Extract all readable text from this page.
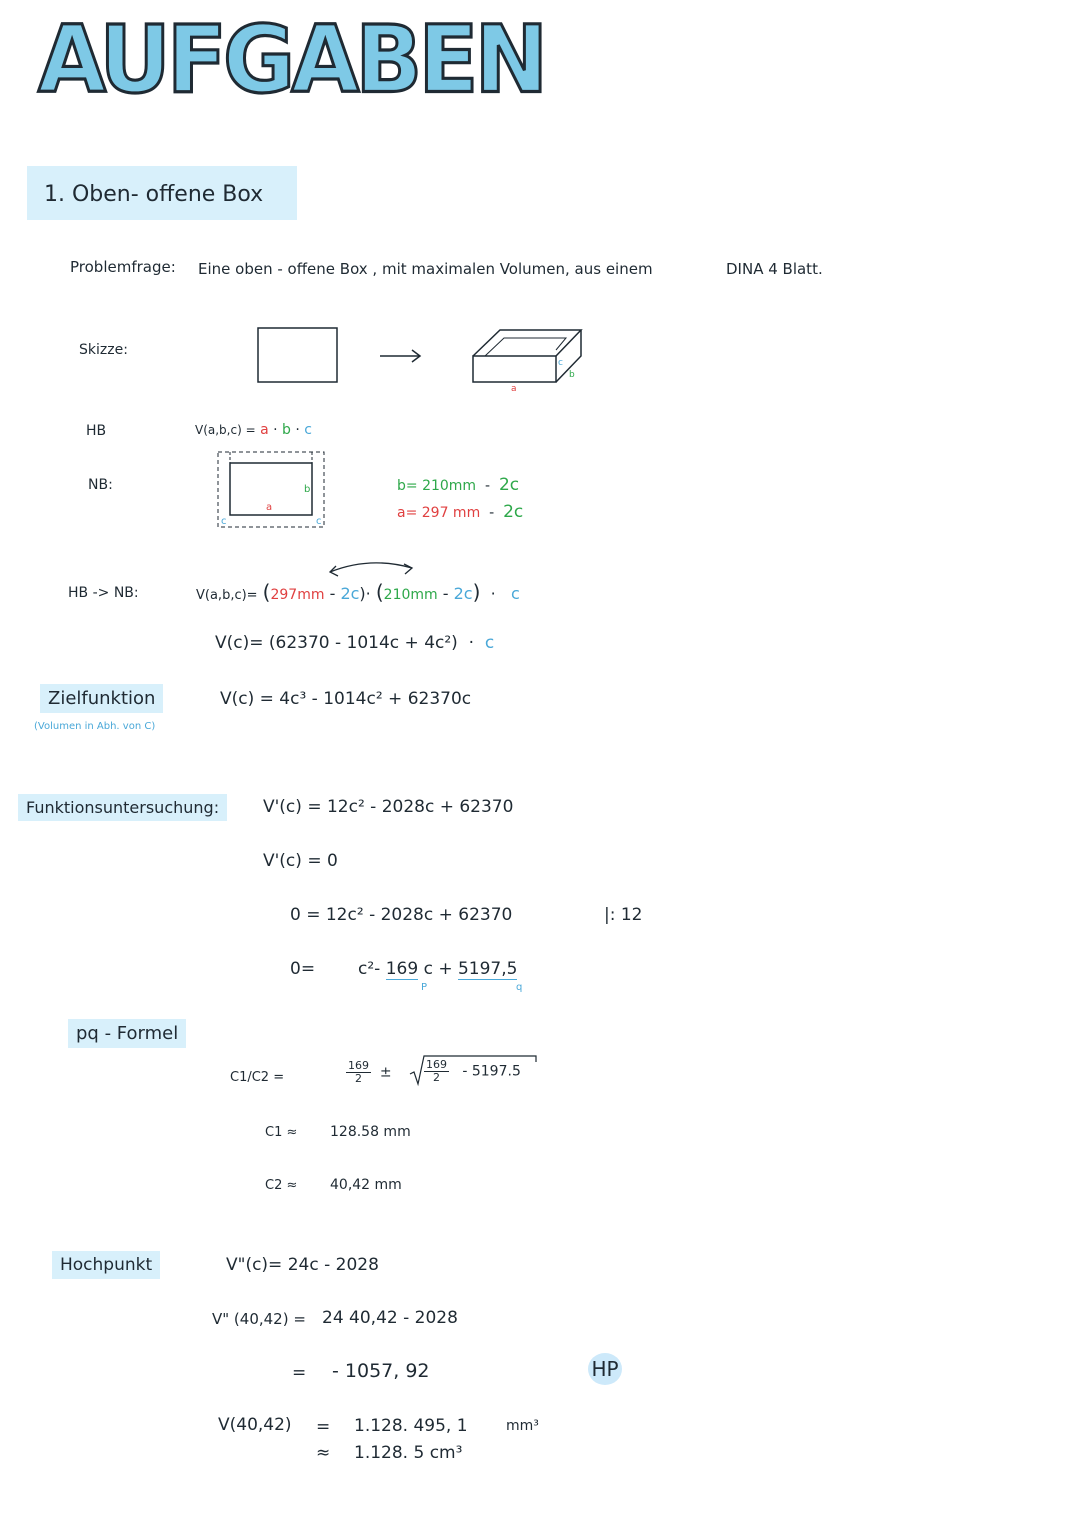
AUFGABEN
1. Oben- offene Box
Problemfrage: Eine oben - offene Box , mit maximalen Volumen, aus einem	DINA 4 Blatt.
Skizze:
a
c
b
HB	V(a,b,c) = a · b · c
NB:
a
b
c	c
b= 210mm - 2c
a= 297 mm - 2c
HB -> NB:	V(a,b,c)= (297mm - 2c)· (210mm - 2c) · c
V(c)= (62370 - 1014c + 4c²) · c
Zielfunktion
(Volumen in Abh. von C)
V(c) = 4c³ - 1014c² + 62370c
Funktionsuntersuchung:	V'(c) = 12c² - 2028c + 62370
V'(c) = 0
0 = 12c² - 2028c + 62370	|: 12
0=	c²- 169 c + 5197,5
P	q
pq - Formel
C1/C2 =	$\frac{169}{2}$ ±	$\frac{169}{2} - 5197.5$
C1 ≈ 128.58 mm
C2 ≈ 40,42 mm
Hochpunkt	V"(c)= 24c - 2028
V" (40,42) = 24 40,42 - 2028
= - 1057, 92	HP
V(40,42) = 1.128. 495, 1	mm³
≈ 1.128. 5 cm³
